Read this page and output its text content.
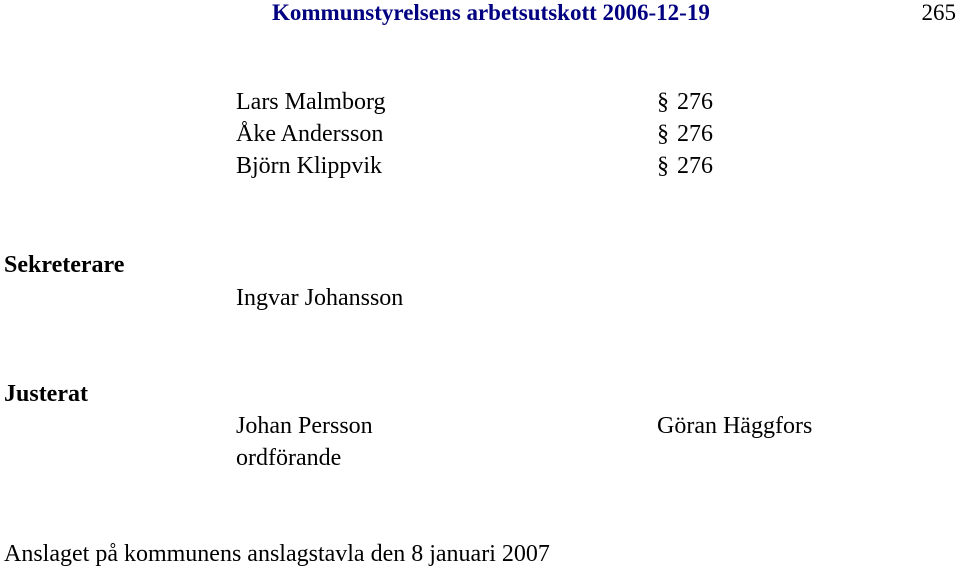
Kommunstyrelsens arbetsutskott 2006-12-19	265
Lars Malmborg	§ 276
Åke Andersson	§ 276
Björn Klippvik	§ 276
Sekreterare
Ingvar Johansson
Justerat
Johan Persson	Göran Häggfors
ordförande
Anslaget på kommunens anslagstavla den 8 januari 2007
